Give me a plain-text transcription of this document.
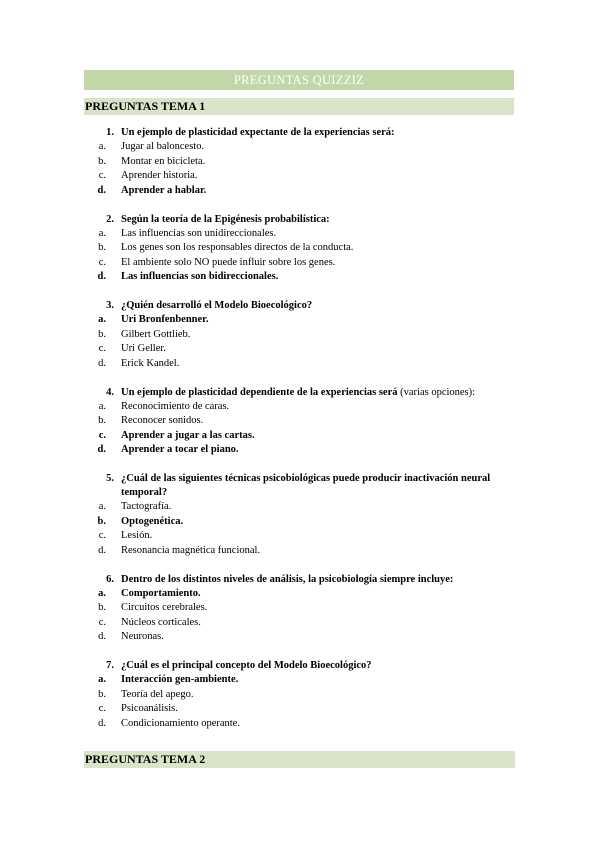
PREGUNTAS QUIZZIZ
PREGUNTAS TEMA 1
1. Un ejemplo de plasticidad expectante de la experiencias será:
a.	Jugar al baloncesto.
b.	Montar en bicicleta.
c.	Aprender historia.
d.	Aprender a hablar.
2. Según la teoría de la Epigénesis probabilística:
a.	Las influencias son unidireccionales.
b.	Los genes son los responsables directos de la conducta.
c.	El ambiente solo NO puede influir sobre los genes.
d.	Las influencias son bidireccionales.
3. ¿Quién desarrolló el Modelo Bioecológico?
a.	Uri Bronfenbenner.
b.	Gilbert Gottlieb.
c.	Uri Geller.
d.	Erick Kandel.
4. Un ejemplo de plasticidad dependiente de la experiencias será (varias opciones):
a.	Reconocimiento de caras.
b.	Reconocer sonidos.
c.	Aprender a jugar a las cartas.
d.	Aprender a tocar el piano.
5. ¿Cuál de las siguientes técnicas psicobiológicas puede producir inactivación neural temporal?
a.	Tactografía.
b.	Optogenética.
c.	Lesión.
d.	Resonancia magnética funcional.
6. Dentro de los distintos niveles de análisis, la psicobiología siempre incluye:
a.	Comportamiento.
b.	Circuitos cerebrales.
c.	Núcleos corticales.
d.	Neuronas.
7. ¿Cuál es el principal concepto del Modelo Bioecológico?
a.	Interacción gen-ambiente.
b.	Teoría del apego.
c.	Psicoanálisis.
d.	Condicionamiento operante.
PREGUNTAS TEMA 2
